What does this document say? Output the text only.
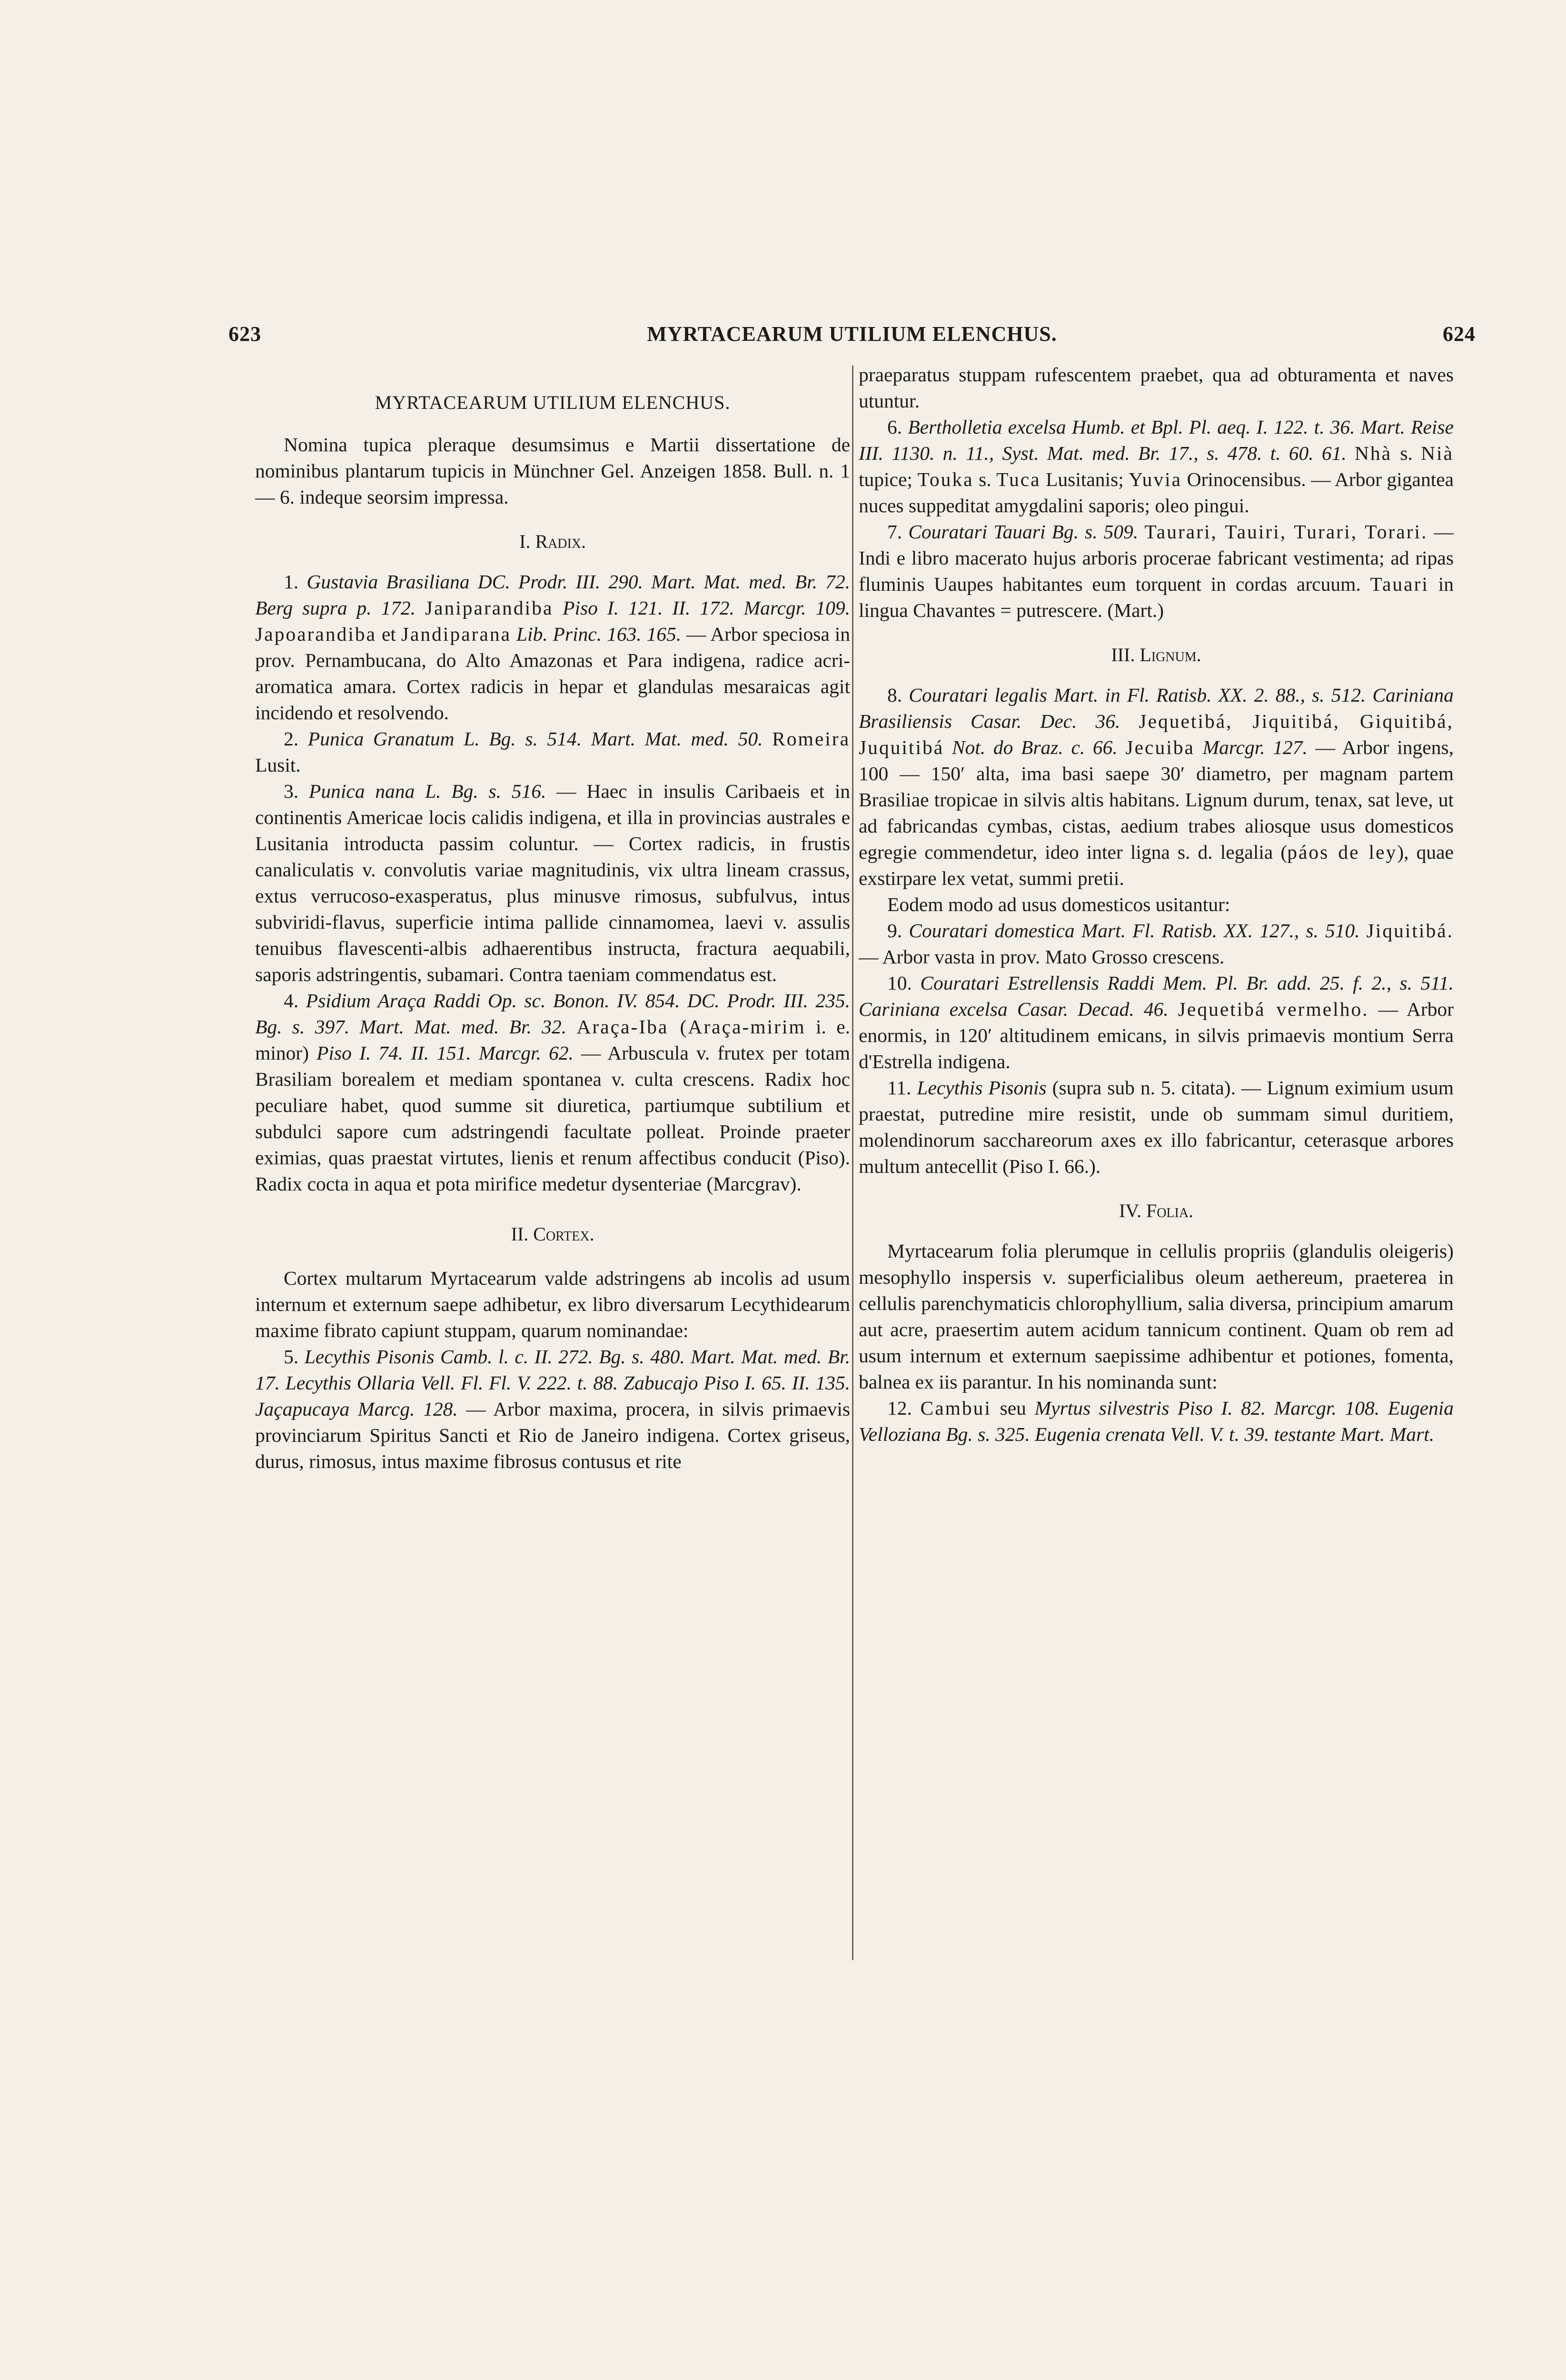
623	MYRTACEARUM UTILIUM ELENCHUS.	624

MYRTACEARUM UTILIUM ELENCHUS.

Nomina tupica pleraque desumsimus e Martii dissertatione de nominibus plantarum tupicis in Münchner Gel. Anzeigen 1858. Bull. n. 1 — 6. indeque seorsim impressa.

I. Radix.

1. Gustavia Brasiliana DC. Prodr. III. 290. Mart. Mat. med. Br. 72. Berg supra p. 172. Janiparandiba Piso I. 121. II. 172. Marcgr. 109. Japoarandiba et Jandiparana Lib. Princ. 163. 165. — Arbor speciosa in prov. Pernambucana, do Alto Amazonas et Para indigena, radice acri-aromatica amara. Cortex radicis in hepar et glandulas mesaraicas agit incidendo et resolvendo.

2. Punica Granatum L. Bg. s. 514. Mart. Mat. med. 50. Romeira Lusit.

3. Punica nana L. Bg. s. 516. — Haec in insulis Caribaeis et in continentis Americae locis calidis indigena, et illa in provincias australes e Lusitania introducta passim coluntur. — Cortex radicis, in frustis canaliculatis v. convolutis variae magnitudinis, vix ultra lineam crassus, extus verrucoso-exasperatus, plus minusve rimosus, subfulvus, intus subviridi-flavus, superficie intima pallide cinnamomea, laevi v. assulis tenuibus flavescenti-albis adhaerentibus instructa, fractura aequabili, saporis adstringentis, subamari. Contra taeniam commendatus est.

4. Psidium Araça Raddi Op. sc. Bonon. IV. 854. DC. Prodr. III. 235. Bg. s. 397. Mart. Mat. med. Br. 32. Araça-Iba (Araça-mirim i. e. minor) Piso I. 74. II. 151. Marcgr. 62. — Arbuscula v. frutex per totam Brasiliam borealem et mediam spontanea v. culta crescens. Radix hoc peculiare habet, quod summe sit diuretica, partiumque subtilium et subdulci sapore cum adstringendi facultate polleat. Proinde praeter eximias, quas praestat virtutes, lienis et renum affectibus conducit (Piso). Radix cocta in aqua et pota mirifice medetur dysenteriae (Marcgrav).

II. Cortex.

Cortex multarum Myrtacearum valde adstringens ab incolis ad usum internum et externum saepe adhibetur, ex libro diversarum Lecythidearum maxime fibrato capiunt stuppam, quarum nominandae:

5. Lecythis Pisonis Camb. l. c. II. 272. Bg. s. 480. Mart. Mat. med. Br. 17. Lecythis Ollaria Vell. Fl. Fl. V. 222. t. 88. Zabucajo Piso I. 65. II. 135. Jaçapucaya Marcg. 128. — Arbor maxima, procera, in silvis primaevis provinciarum Spiritus Sancti et Rio de Janeiro indigena. Cortex griseus, durus, rimosus, intus maxime fibrosus contusus et rite

praeparatus stuppam rufescentem praebet, qua ad obturamenta et naves utuntur.

6. Bertholletia excelsa Humb. et Bpl. Pl. aeq. I. 122. t. 36. Mart. Reise III. 1130. n. 11., Syst. Mat. med. Br. 17., s. 478. t. 60. 61. Nhà s. Nià tupice; Touka s. Tuca Lusitanis; Yuvia Orinocensibus. — Arbor gigantea nuces suppeditat amygdalini saporis; oleo pingui.

7. Couratari Tauari Bg. s. 509. Taurari, Tauiri, Turari, Torari. — Indi e libro macerato hujus arboris procerae fabricant vestimenta; ad ripas fluminis Uaupes habitantes eum torquent in cordas arcuum. Tauari in lingua Chavantes = putrescere. (Mart.)

III. Lignum.

8. Couratari legalis Mart. in Fl. Ratisb. XX. 2. 88., s. 512. Cariniana Brasiliensis Casar. Dec. 36. Jequetibá, Jiquitibá, Giquitibá, Juquitibá Not. do Braz. c. 66. Jecuiba Marcgr. 127. — Arbor ingens, 100 — 150′ alta, ima basi saepe 30′ diametro, per magnam partem Brasiliae tropicae in silvis altis habitans. Lignum durum, tenax, sat leve, ut ad fabricandas cymbas, cistas, aedium trabes aliosque usus domesticos egregie commendetur, ideo inter ligna s. d. legalia (páos de ley), quae exstirpare lex vetat, summi pretii.

Eodem modo ad usus domesticos usitantur:

9. Couratari domestica Mart. Fl. Ratisb. XX. 127., s. 510. Jiquitibá. — Arbor vasta in prov. Mato Grosso crescens.

10. Couratari Estrellensis Raddi Mem. Pl. Br. add. 25. f. 2., s. 511. Cariniana excelsa Casar. Decad. 46. Jequetibá vermelho. — Arbor enormis, in 120′ altitudinem emicans, in silvis primaevis montium Serra d'Estrella indigena.

11. Lecythis Pisonis (supra sub n. 5. citata). — Lignum eximium usum praestat, putredine mire resistit, unde ob summam simul duritiem, molendinorum sacchareorum axes ex illo fabricantur, ceterasque arbores multum antecellit (Piso I. 66.).

IV. Folia.

Myrtacearum folia plerumque in cellulis propriis (glandulis oleigeris) mesophyllo inspersis v. superficialibus oleum aethereum, praeterea in cellulis parenchymaticis chlorophyllium, salia diversa, principium amarum aut acre, praesertim autem acidum tannicum continent. Quam ob rem ad usum internum et externum saepissime adhibentur et potiones, fomenta, balnea ex iis parantur. In his nominanda sunt:

12. Cambui seu Myrtus silvestris Piso I. 82. Marcgr. 108. Eugenia Velloziana Bg. s. 325. Eugenia crenata Vell. V. t. 39. testante Mart. Mart.
